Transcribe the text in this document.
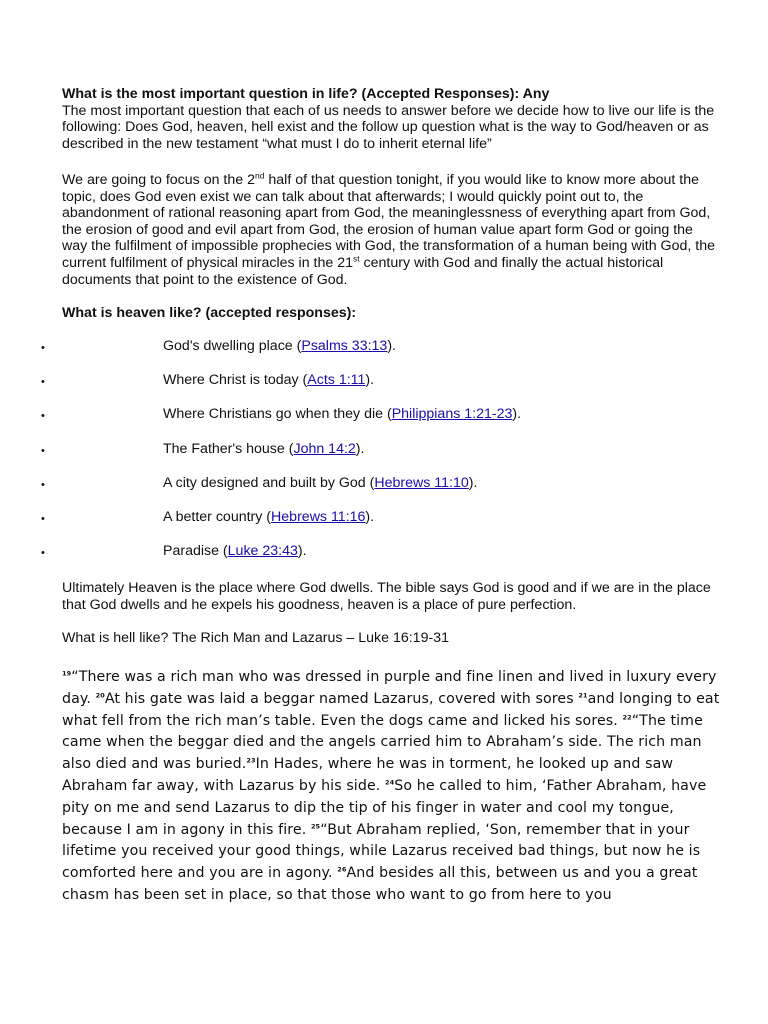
What is the most important question in life? (Accepted Responses): Any
The most important question that each of us needs to answer before we decide how to live our life is the following: Does God, heaven, hell exist and the follow up question what is the way to God/heaven or as described in the new testament “what must I do to inherit eternal life”
We are going to focus on the 2nd half of that question tonight, if you would like to know more about the topic, does God even exist we can talk about that afterwards; I would quickly point out to, the abandonment of rational reasoning apart from God, the meaninglessness of everything apart from God, the erosion of good and evil apart from God, the erosion of human value apart form God or going the way the fulfilment of impossible prophecies with God, the transformation of a human being with God, the current fulfilment of physical miracles in the 21st century with God and finally the actual historical documents that point to the existence of God.
What is heaven like? (accepted responses):
•	God's dwelling place (Psalms 33:13).
•	Where Christ is today (Acts 1:11).
•	Where Christians go when they die (Philippians 1:21-23).
•	The Father's house (John 14:2).
•	A city designed and built by God (Hebrews 11:10).
•	A better country (Hebrews 11:16).
•	Paradise (Luke 23:43).
Ultimately Heaven is the place where God dwells. The bible says God is good and if we are in the place that God dwells and he expels his goodness, heaven is a place of pure perfection.
What is hell like? The Rich Man and Lazarus – Luke 16:19-31
$^{19}$“There was a rich man who was dressed in purple and fine linen and lived in luxury every day. $^{20}$At his gate was laid a beggar named Lazarus, covered with sores $^{21}$and longing to eat what fell from the rich man’s table. Even the dogs came and licked his sores. $^{22}$“The time came when the beggar died and the angels carried him to Abraham’s side. The rich man also died and was buried.$^{23}$In Hades, where he was in torment, he looked up and saw Abraham far away, with Lazarus by his side. $^{24}$So he called to him, ‘Father Abraham, have pity on me and send Lazarus to dip the tip of his finger in water and cool my tongue, because I am in agony in this fire. $^{25}$“But Abraham replied, ‘Son, remember that in your lifetime you received your good things, while Lazarus received bad things, but now he is comforted here and you are in agony. $^{26}$And besides all this, between us and you a great chasm has been set in place, so that those who want to go from here to you
